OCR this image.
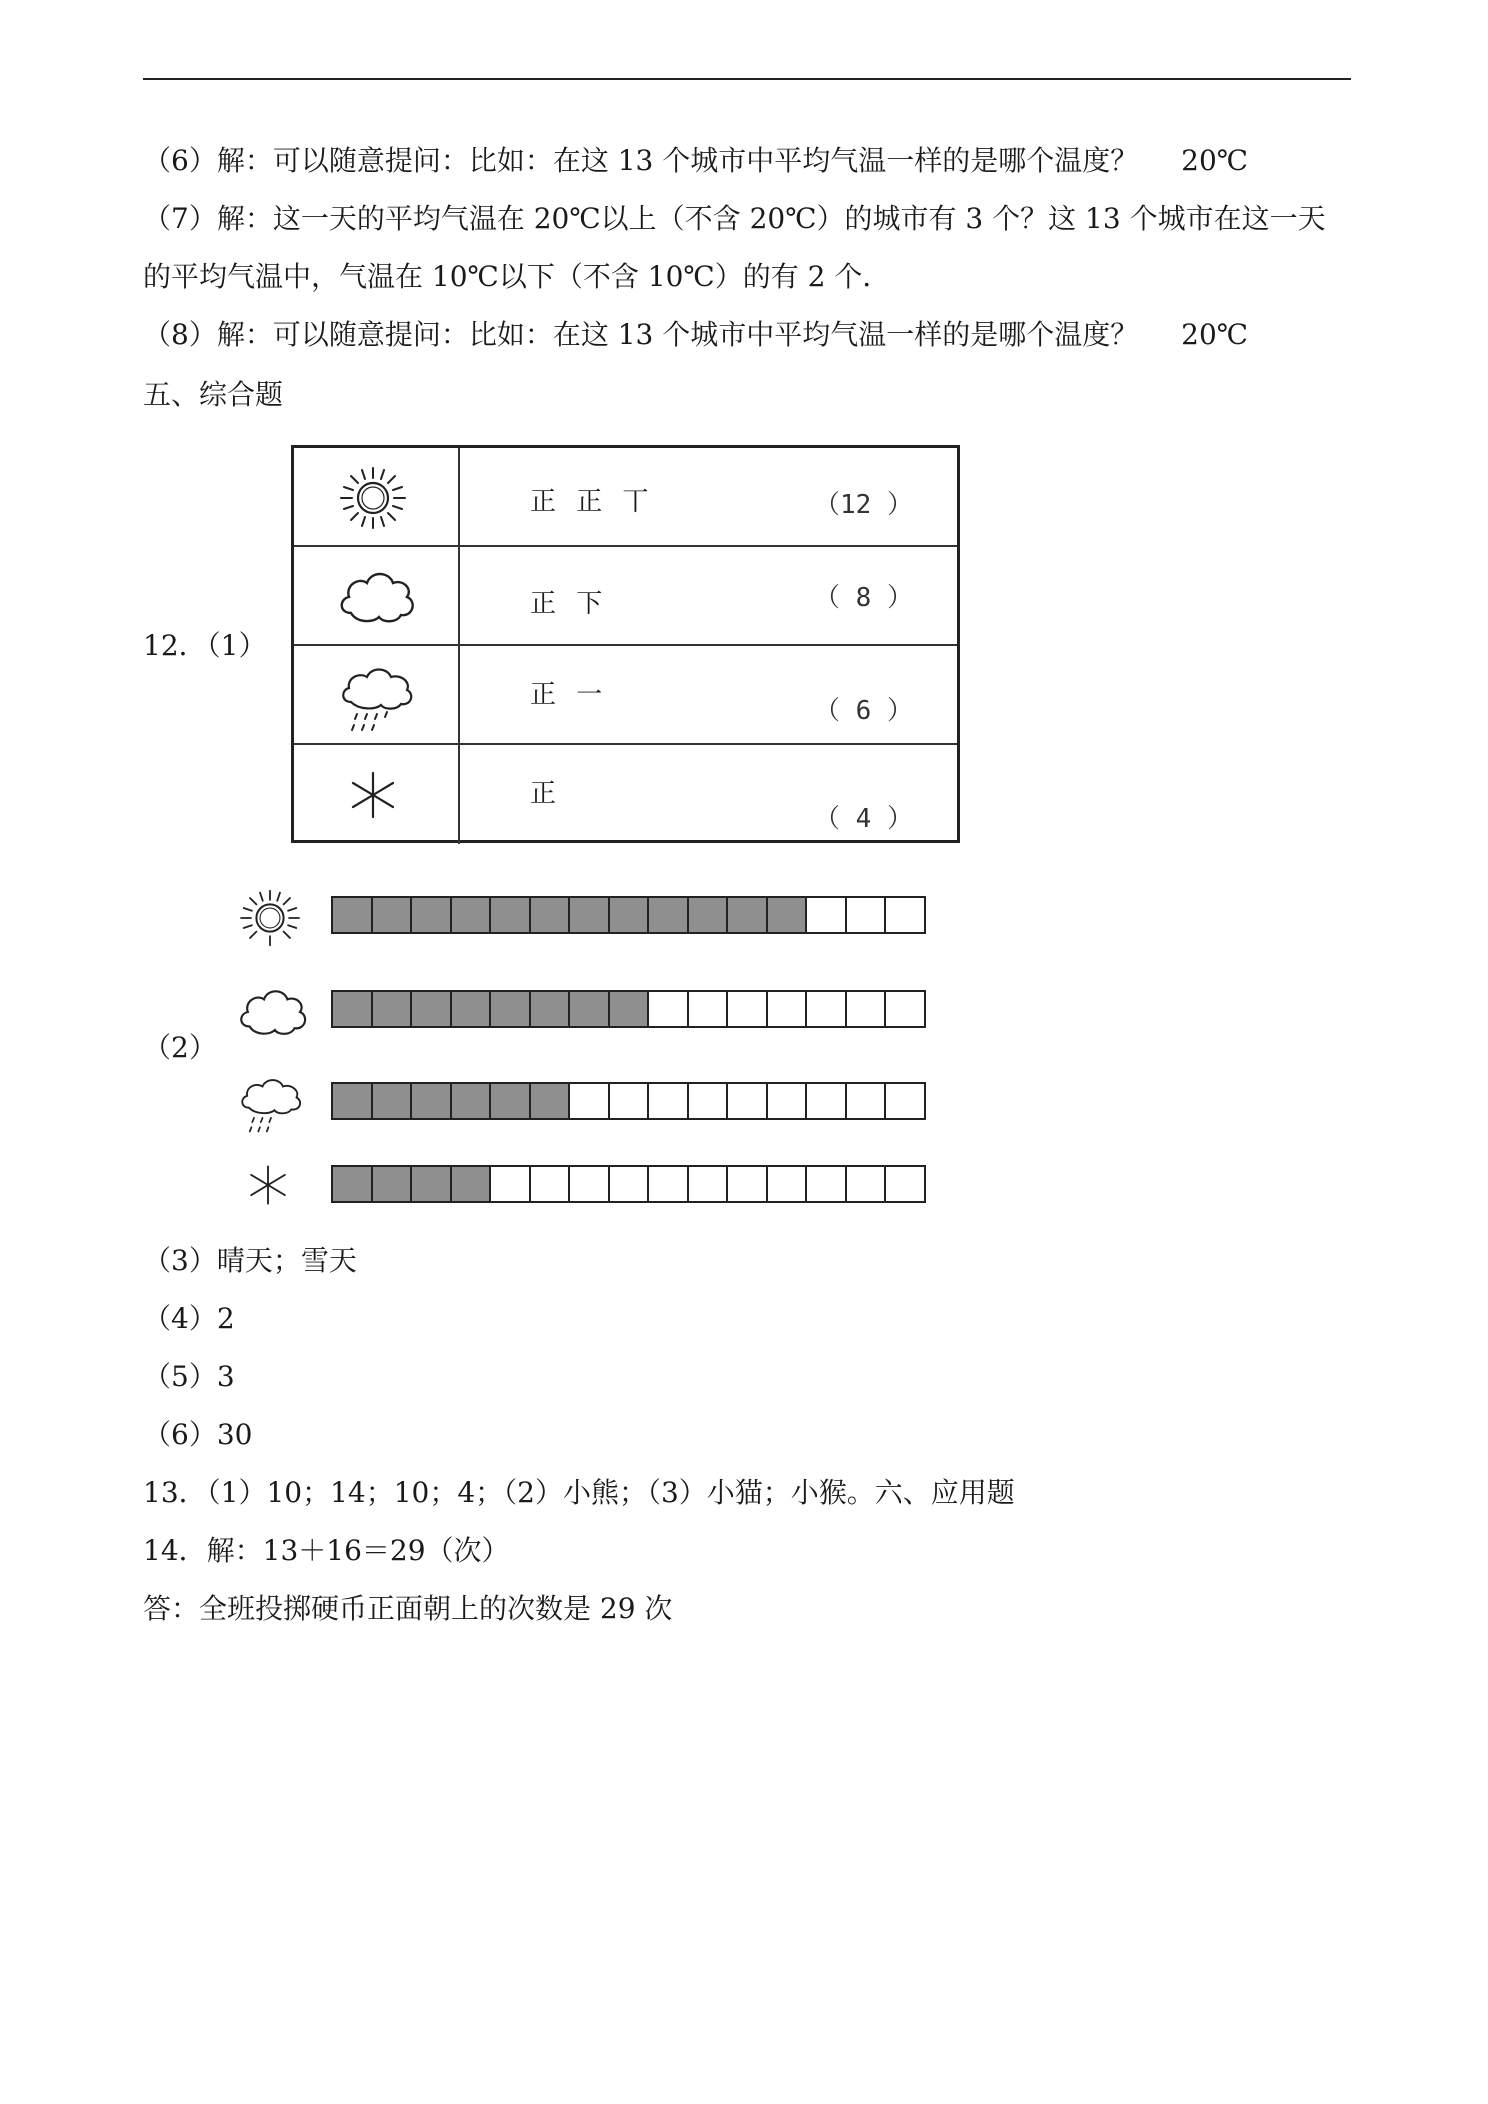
（6）解：可以随意提问：比如：在这 13 个城市中平均气温一样的是哪个温度？ 20℃
（7）解：这一天的平均气温在 20℃以上（不含 20℃）的城市有 3 个？这 13 个城市在这一天
的平均气温中，气温在 10℃以下（不含 10℃）的有 2 个．
（8）解：可以随意提问：比如：在这 13 个城市中平均气温一样的是哪个温度？ 20℃
五、综合题
12．（1）
正 正 丅	（12 ）
正 下	（ 8 ）
正 一
（ 6 ）
正
（ 4 ）
（2）
（3）晴天；雪天
（4）2
（5）3
（6）30
13．（1）10；14；10；4；（2）小熊；（3）小猫；小猴。六、应用题
14．解：13＋16＝29（次）
答：全班投掷硬币正面朝上的次数是 29 次
